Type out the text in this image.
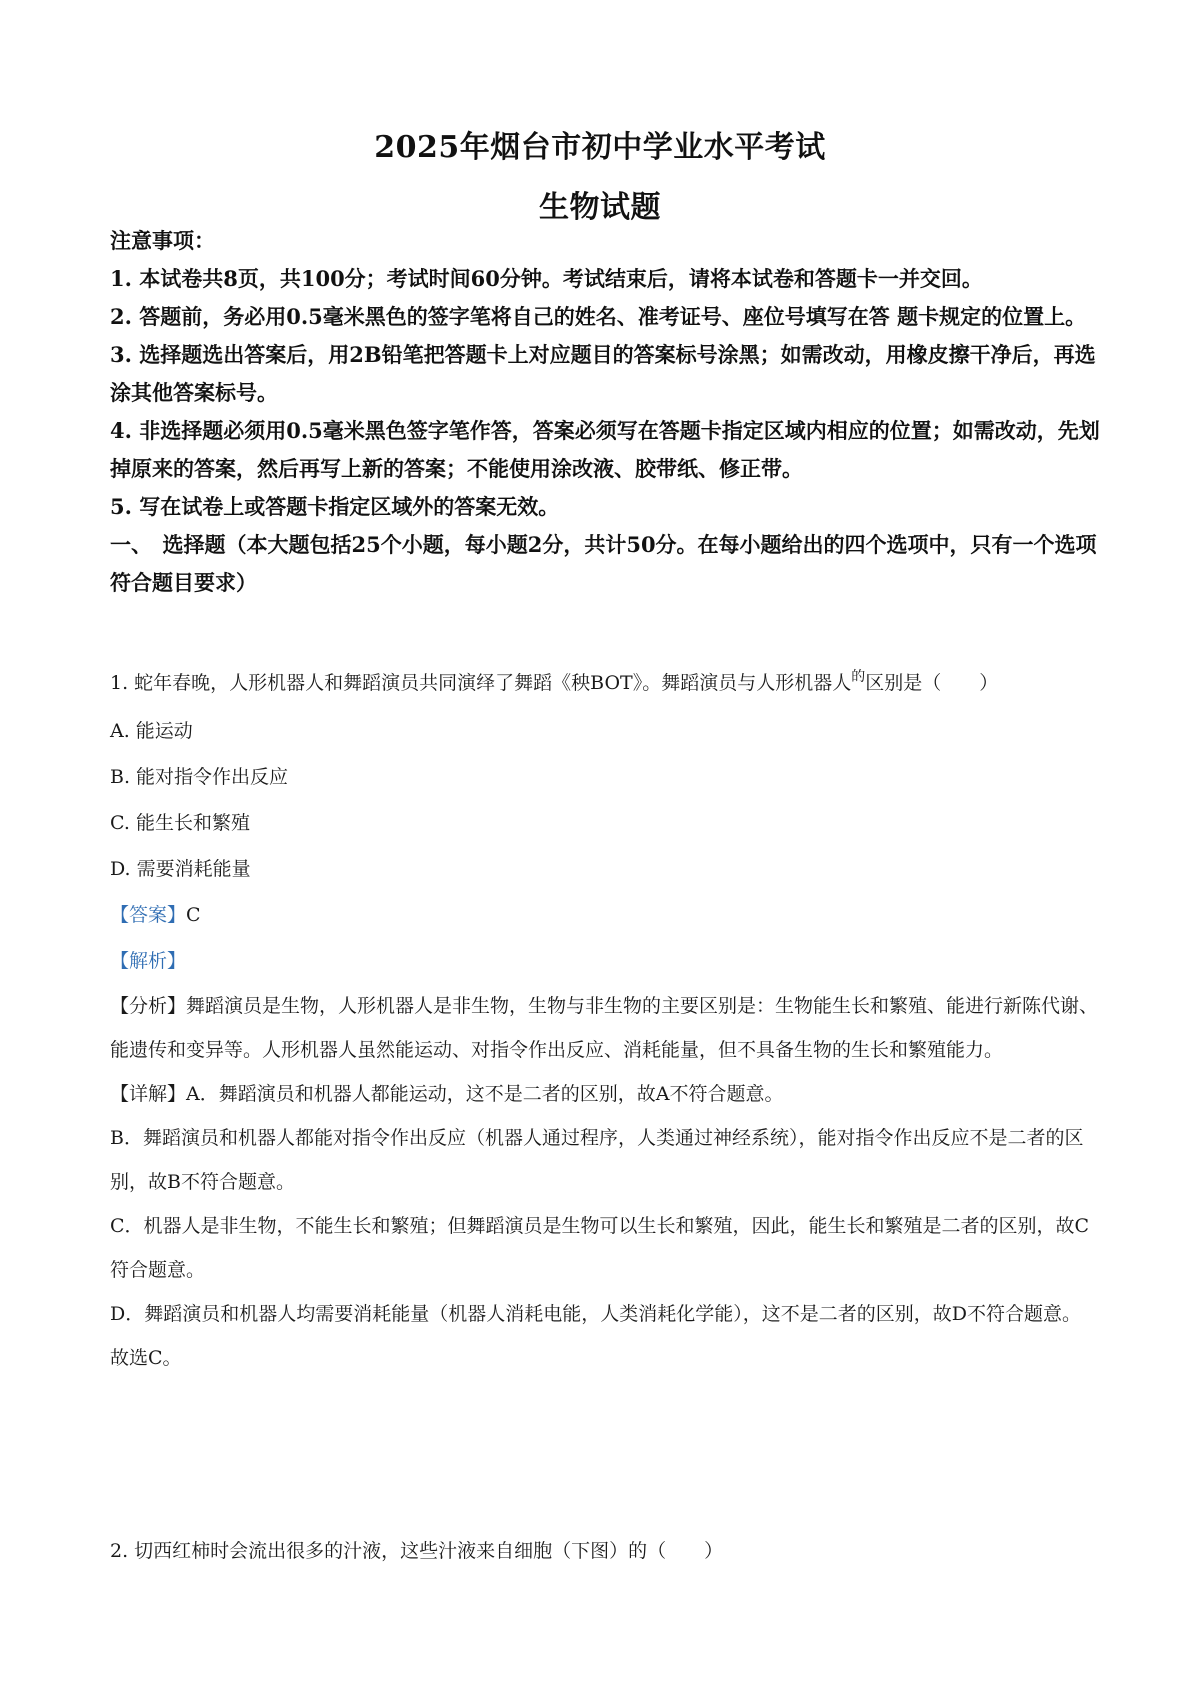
2025年烟台市初中学业水平考试
生物试题

注意事项：

1. 本试卷共8页，共100分；考试时间60分钟。考试结束后，请将本试卷和答题卡一并交回。

2. 答题前，务必用0.5毫米黑色的签字笔将自己的姓名、准考证号、座位号填写在答 题卡规定的位置上。

3. 选择题选出答案后，用2B铅笔把答题卡上对应题目的答案标号涂黑；如需改动，用橡皮擦干净后，再选涂其他答案标号。

4. 非选择题必须用0.5毫米黑色签字笔作答，答案必须写在答题卡指定区域内相应的位置；如需改动，先划掉原来的答案，然后再写上新的答案；不能使用涂改液、胶带纸、修正带。

5. 写在试卷上或答题卡指定区域外的答案无效。

一、　选择题（本大题包括25个小题，每小题2分，共计50分。在每小题给出的四个选项中，只有一个选项符合题目要求）

1. 蛇年春晚，人形机器人和舞蹈演员共同演绎了舞蹈《秧BOT》。舞蹈演员与人形机器人$^的$区别是（　　）

A. 能运动

B. 能对指令作出反应

C. 能生长和繁殖

D. 需要消耗能量

【答案】C

【解析】

【分析】舞蹈演员是生物，人形机器人是非生物，生物与非生物的主要区别是：生物能生长和繁殖、能进行新陈代谢、能遗传和变异等。人形机器人虽然能运动、对指令作出反应、消耗能量，但不具备生物的生长和繁殖能力。

【详解】A．舞蹈演员和机器人都能运动，这不是二者的区别，故A不符合题意。

B．舞蹈演员和机器人都能对指令作出反应（机器人通过程序，人类通过神经系统），能对指令作出反应不是二者的区别，故B不符合题意。

C．机器人是非生物，不能生长和繁殖；但舞蹈演员是生物可以生长和繁殖，因此，能生长和繁殖是二者的区别，故C符合题意。

D．舞蹈演员和机器人均需要消耗能量（机器人消耗电能，人类消耗化学能），这不是二者的区别，故D不符合题意。

故选C。

2. 切西红柿时会流出很多的汁液，这些汁液来自细胞（下图）的（　　）
